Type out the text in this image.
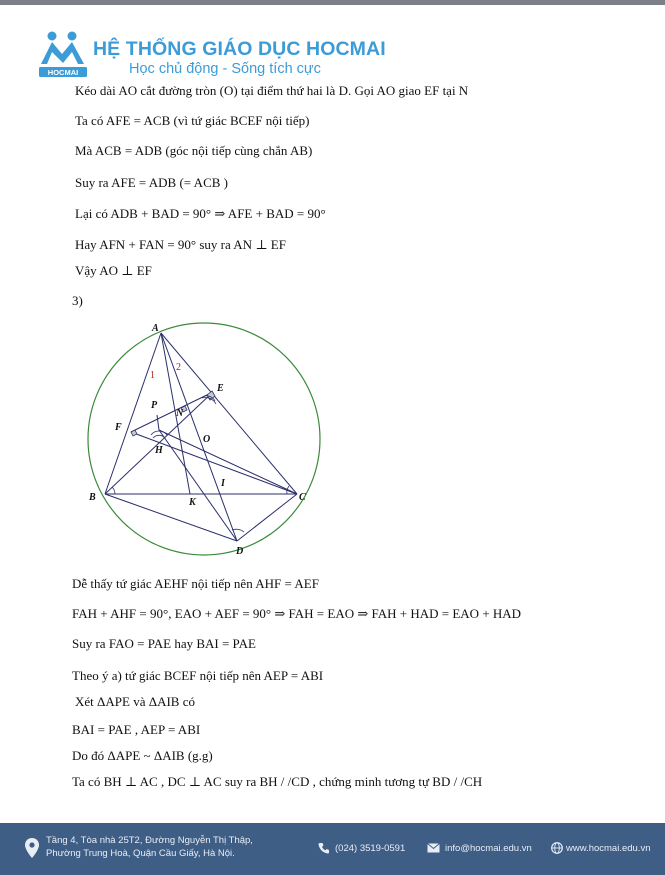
HOCMAI
HỆ THỐNG GIÁO DỤC HOCMAI
Học chủ động - Sống tích cực
Kéo dài AO cắt đường tròn (O) tại điểm thứ hai là D. Gọi AO giao EF tại N
Ta có AFE = ACB (vì tứ giác BCEF nội tiếp)
Mà ACB = ADB (góc nội tiếp cùng chắn AB)
Suy ra AFE = ADB (= ACB )
Lại có ADB + BAD = 90° ⇒ AFE + BAD = 90°
Hay AFN + FAN = 90° suy ra AN ⊥ EF
Vậy AO ⊥ EF
3)
A
B	C
D
E
F
H
P
N
O
K
I
1
2
Dễ thấy tứ giác AEHF nội tiếp nên AHF = AEF
FAH + AHF = 90°, EAO + AEF = 90° ⇒ FAH = EAO ⇒ FAH + HAD = EAO + HAD
Suy ra FAO = PAE hay BAI = PAE
Theo ý a) tứ giác BCEF nội tiếp nên AEP = ABI
Xét ΔAPE và ΔAIB có
BAI = PAE , AEP = ABI
Do đó ΔAPE ~ ΔAIB (g.g)
Ta có BH ⊥ AC , DC ⊥ AC suy ra BH / /CD , chứng minh tương tự BD / /CH
Tầng 4, Tòa nhà 25T2, Đường Nguyễn Thị Thập,
Phường Trung Hoà, Quận Cầu Giấy, Hà Nội.	(024) 3519-0591	info@hocmai.edu.vn	www.hocmai.edu.vn
